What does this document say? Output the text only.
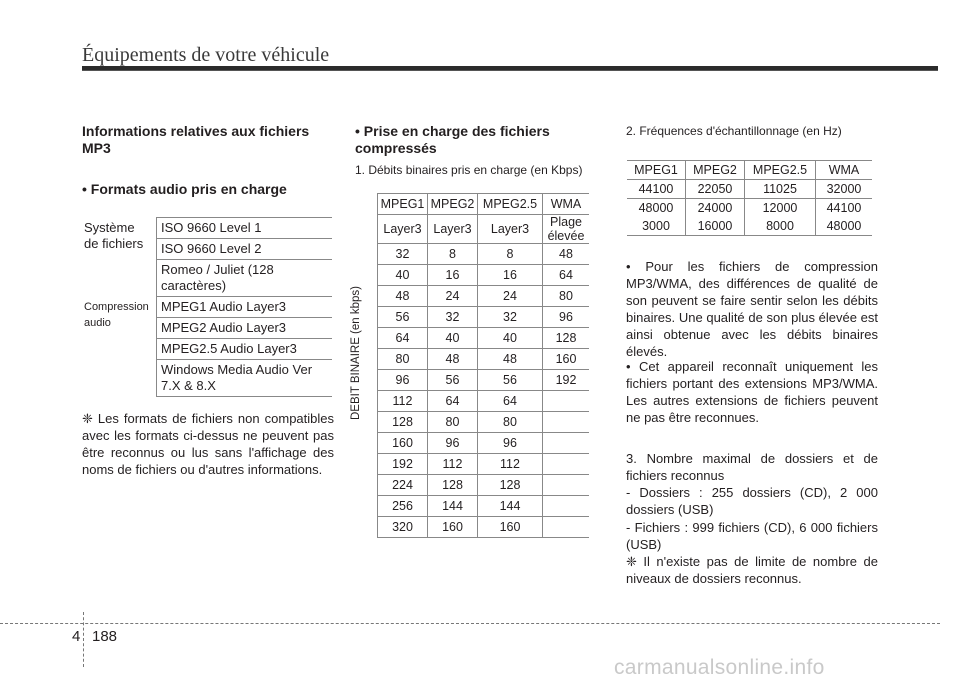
Équipements de votre véhicule
Informations relatives aux fichiers MP3
• Formats audio pris en charge
Système de fichiers	ISO 9660 Level 1
	ISO 9660 Level 2
	Romeo / Juliet (128 caractères)
Compression audio	MPEG1 Audio Layer3
	MPEG2 Audio Layer3
	MPEG2.5 Audio Layer3
	Windows Media Audio Ver 7.X & 8.X
❈ Les formats de fichiers non compatibles avec les formats ci-dessus ne peuvent pas être reconnus ou lus sans l'affichage des noms de fichiers ou d'autres informations.
• Prise en charge des fichiers compressés
1. Débits binaires pris en charge (en Kbps)
DEBIT BINAIRE (en kbps)
MPEG1	MPEG2	MPEG2.5	WMA
Layer3	Layer3	Layer3	Plage élevée
32	8	8	48
40	16	16	64
48	24	24	80
56	32	32	96
64	40	40	128
80	48	48	160
96	56	56	192
112	64	64	
128	80	80	
160	96	96	
192	112	112	
224	128	128	
256	144	144	
320	160	160	
2. Fréquences d'échantillonnage (en Hz)
MPEG1	MPEG2	MPEG2.5	WMA
44100	22050	11025	32000
48000	24000	12000	44100
3000	16000	8000	48000
• Pour les fichiers de compression MP3/WMA, des différences de qualité de son peuvent se faire sentir selon les débits binaires. Une qualité de son plus élevée est ainsi obtenue avec les débits binaires élevés.
• Cet appareil reconnaît uniquement les fichiers portant des extensions MP3/WMA. Les autres extensions de fichiers peuvent ne pas être reconnues.
3. Nombre maximal de dossiers et de fichiers reconnus
- Dossiers : 255 dossiers (CD), 2 000 dossiers (USB)
- Fichiers : 999 fichiers (CD), 6 000 fichiers (USB)
❈ Il n'existe pas de limite de nombre de niveaux de dossiers reconnus.
4 188
carmanualsonline.info
